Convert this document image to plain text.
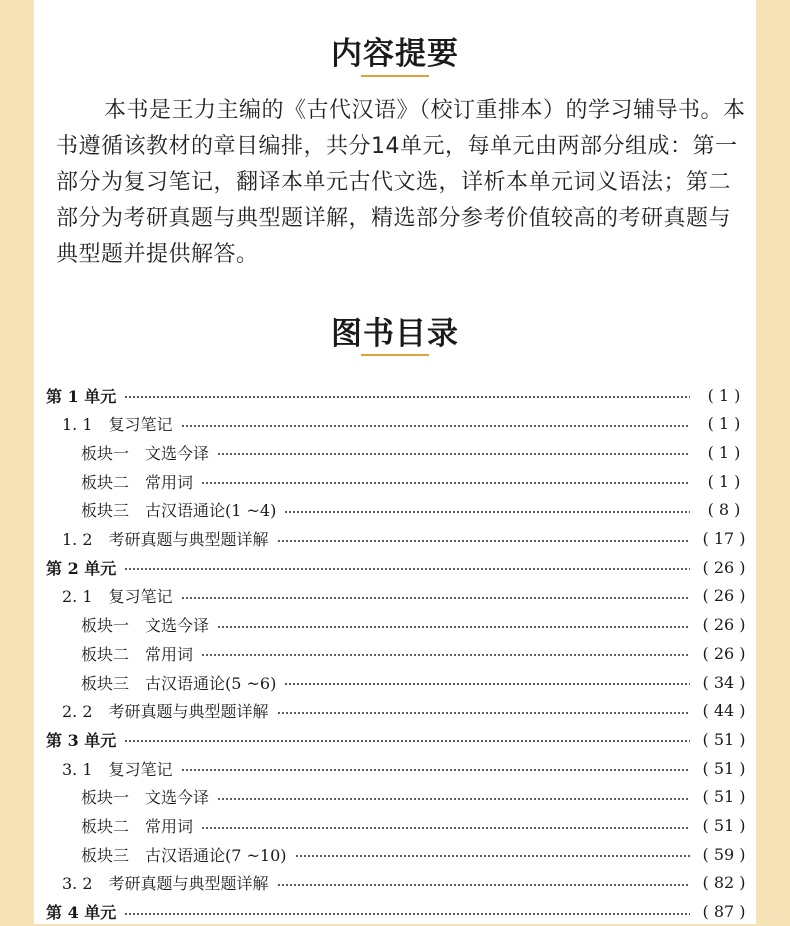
内容提要
本书是王力主编的《古代汉语》（校订重排本）的学习辅导书。本书遵循该教材的章目编排，共分14单元，每单元由两部分组成：第一部分为复习笔记，翻译本单元古代文选，详析本单元词义语法；第二部分为考研真题与典型题详解，精选部分参考价值较高的考研真题与典型题并提供解答。
图书目录
第 1 单元	( 1 )
1. 1　复习笔记	( 1 )
板块一　文选今译	( 1 )
板块二　常用词	( 1 )
板块三　古汉语通论(1 ~4)	( 8 )
1. 2　考研真题与典型题详解	( 17 )
第 2 单元	( 26 )
2. 1　复习笔记	( 26 )
板块一　文选今译	( 26 )
板块二　常用词	( 26 )
板块三　古汉语通论(5 ~6)	( 34 )
2. 2　考研真题与典型题详解	( 44 )
第 3 单元	( 51 )
3. 1　复习笔记	( 51 )
板块一　文选今译	( 51 )
板块二　常用词	( 51 )
板块三　古汉语通论(7 ~10)	( 59 )
3. 2　考研真题与典型题详解	( 82 )
第 4 单元	( 87 )
